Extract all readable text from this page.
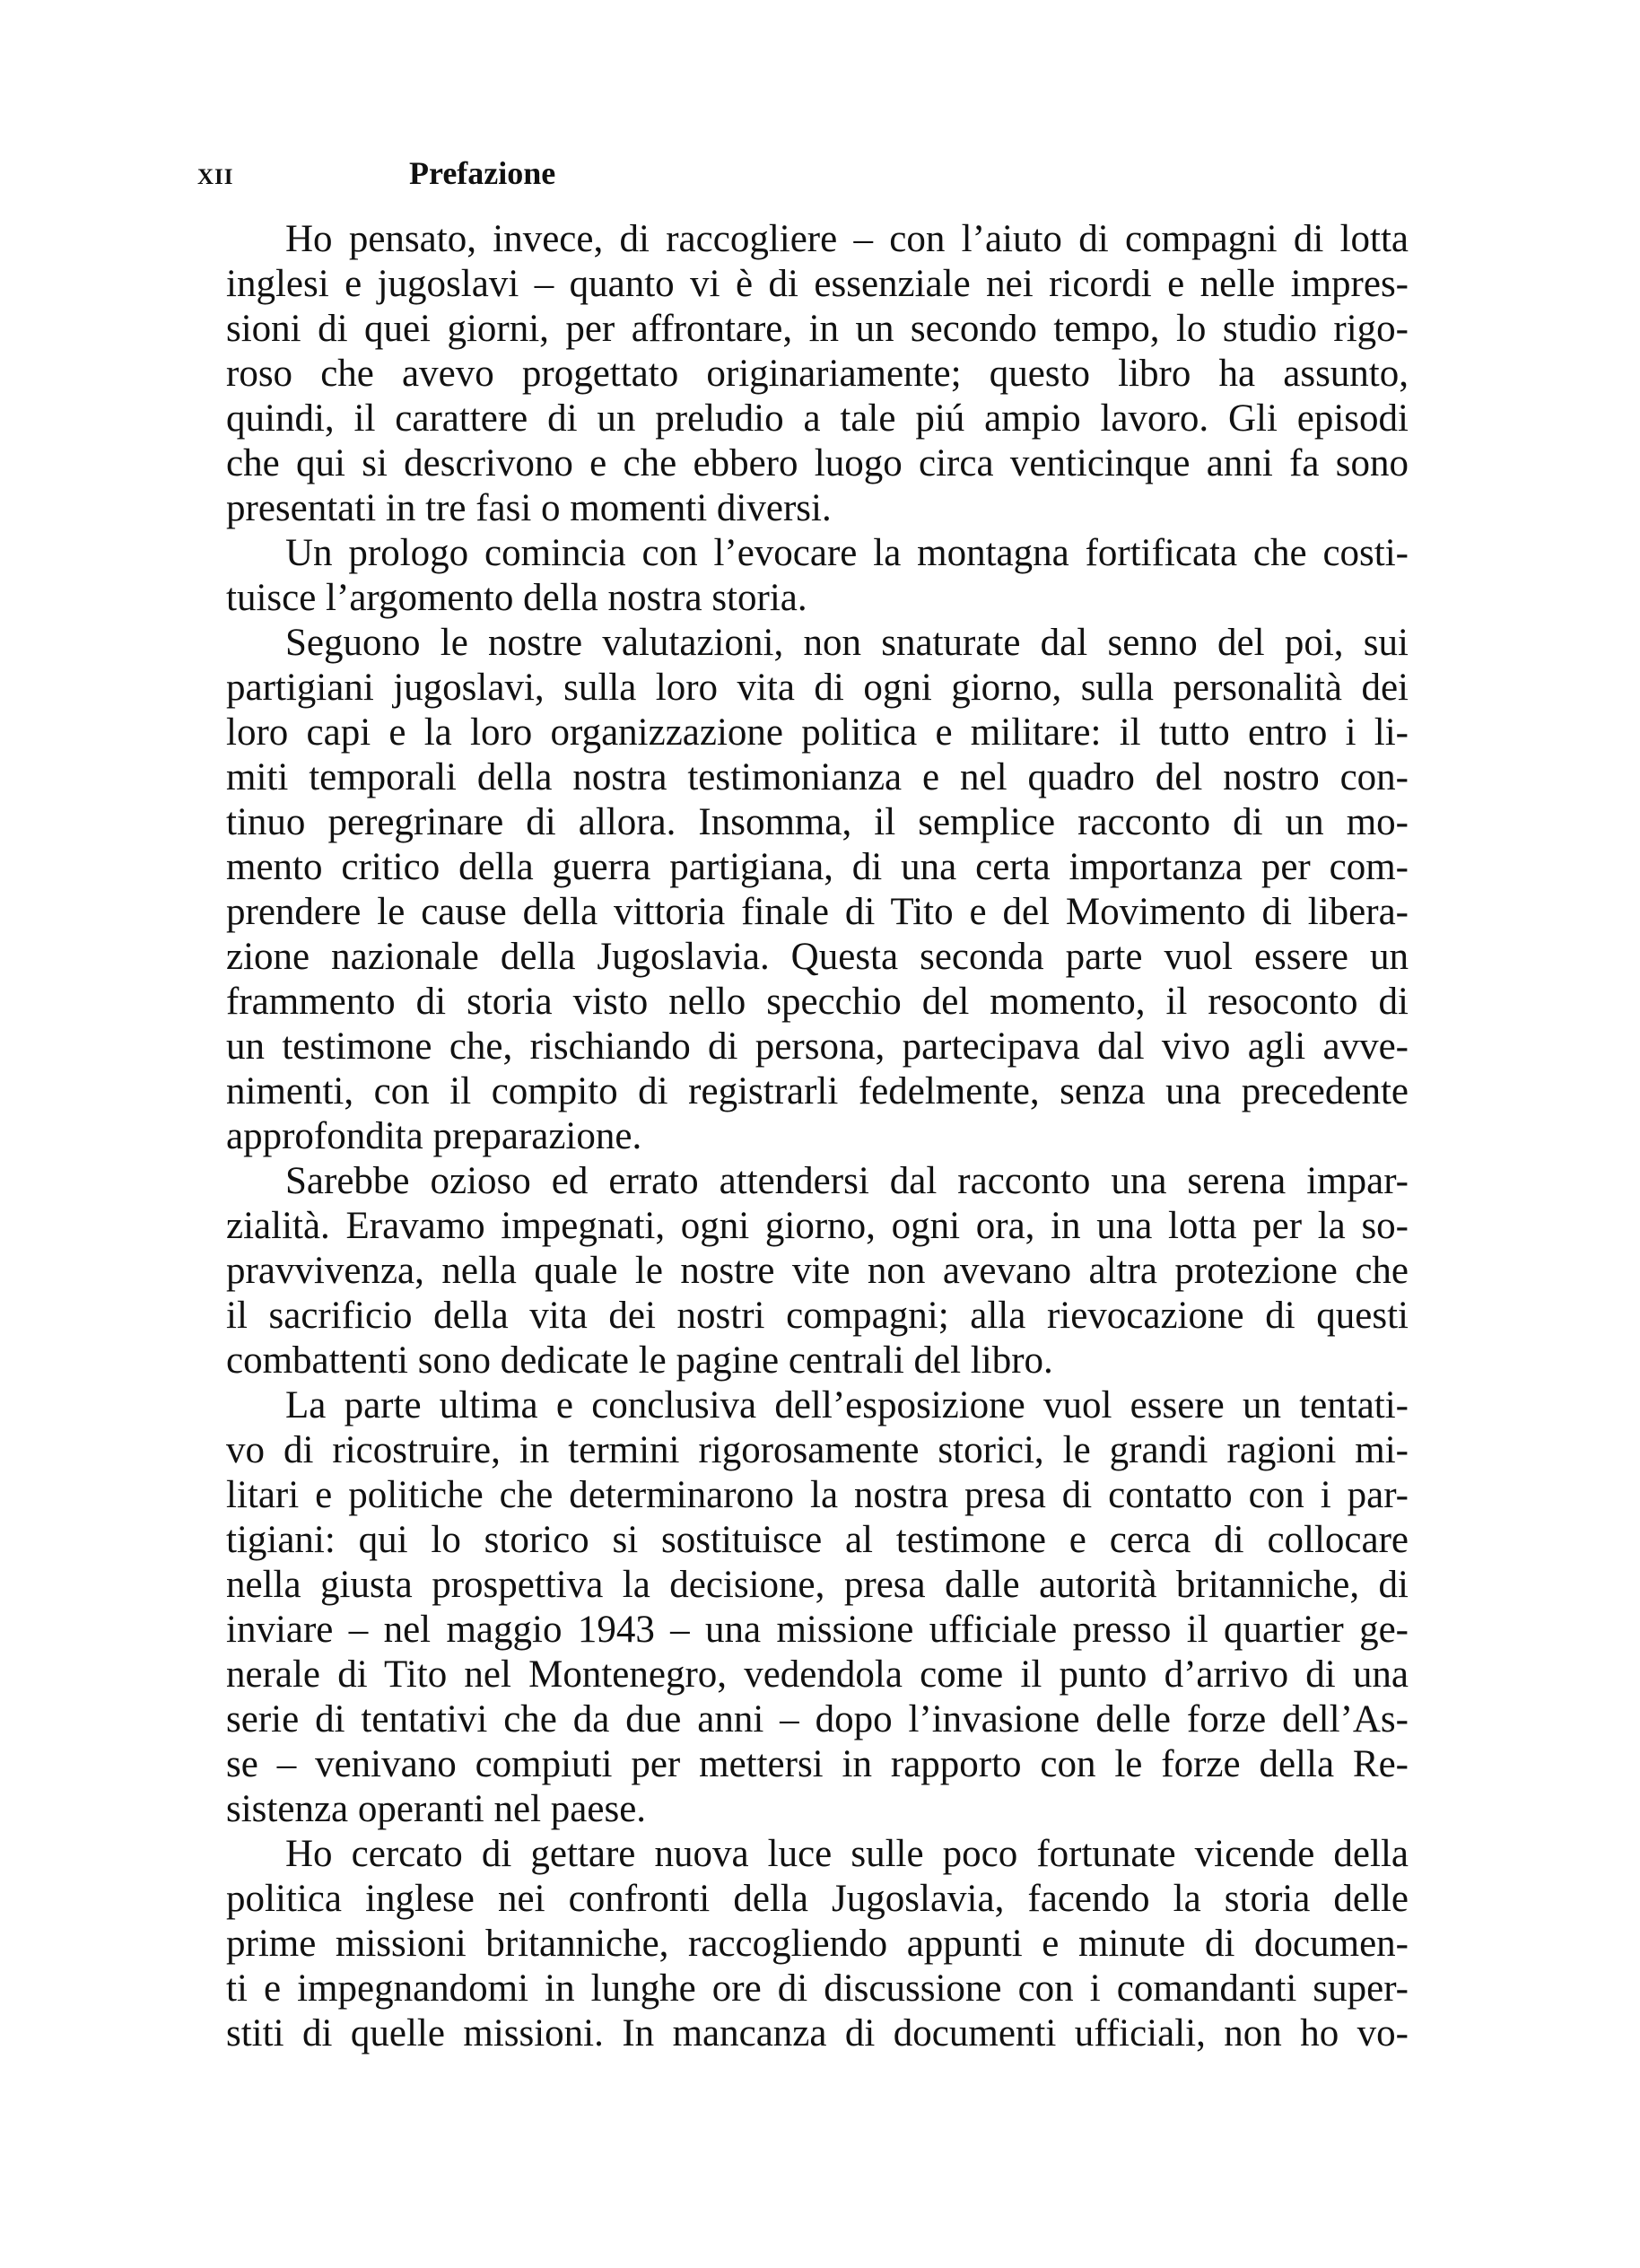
xii	Prefazione
Ho pensato, invece, di raccogliere – con l’aiuto di compagni di lotta
inglesi e jugoslavi – quanto vi è di essenziale nei ricordi e nelle impres-
sioni di quei giorni, per affrontare, in un secondo tempo, lo studio rigo-
roso che avevo progettato originariamente; questo libro ha assunto,
quindi, il carattere di un preludio a tale piú ampio lavoro. Gli episodi
che qui si descrivono e che ebbero luogo circa venticinque anni fa sono
presentati in tre fasi o momenti diversi.
Un prologo comincia con l’evocare la montagna fortificata che costi-
tuisce l’argomento della nostra storia.
Seguono le nostre valutazioni, non snaturate dal senno del poi, sui
partigiani jugoslavi, sulla loro vita di ogni giorno, sulla personalità dei
loro capi e la loro organizzazione politica e militare: il tutto entro i li-
miti temporali della nostra testimonianza e nel quadro del nostro con-
tinuo peregrinare di allora. Insomma, il semplice racconto di un mo-
mento critico della guerra partigiana, di una certa importanza per com-
prendere le cause della vittoria finale di Tito e del Movimento di libera-
zione nazionale della Jugoslavia. Questa seconda parte vuol essere un
frammento di storia visto nello specchio del momento, il resoconto di
un testimone che, rischiando di persona, partecipava dal vivo agli avve-
nimenti, con il compito di registrarli fedelmente, senza una precedente
approfondita preparazione.
Sarebbe ozioso ed errato attendersi dal racconto una serena impar-
zialità. Eravamo impegnati, ogni giorno, ogni ora, in una lotta per la so-
pravvivenza, nella quale le nostre vite non avevano altra protezione che
il sacrificio della vita dei nostri compagni; alla rievocazione di questi
combattenti sono dedicate le pagine centrali del libro.
La parte ultima e conclusiva dell’esposizione vuol essere un tentati-
vo di ricostruire, in termini rigorosamente storici, le grandi ragioni mi-
litari e politiche che determinarono la nostra presa di contatto con i par-
tigiani: qui lo storico si sostituisce al testimone e cerca di collocare
nella giusta prospettiva la decisione, presa dalle autorità britanniche, di
inviare – nel maggio 1943 – una missione ufficiale presso il quartier ge-
nerale di Tito nel Montenegro, vedendola come il punto d’arrivo di una
serie di tentativi che da due anni – dopo l’invasione delle forze dell’As-
se – venivano compiuti per mettersi in rapporto con le forze della Re-
sistenza operanti nel paese.
Ho cercato di gettare nuova luce sulle poco fortunate vicende della
politica inglese nei confronti della Jugoslavia, facendo la storia delle
prime missioni britanniche, raccogliendo appunti e minute di documen-
ti e impegnandomi in lunghe ore di discussione con i comandanti super-
stiti di quelle missioni. In mancanza di documenti ufficiali, non ho vo-
